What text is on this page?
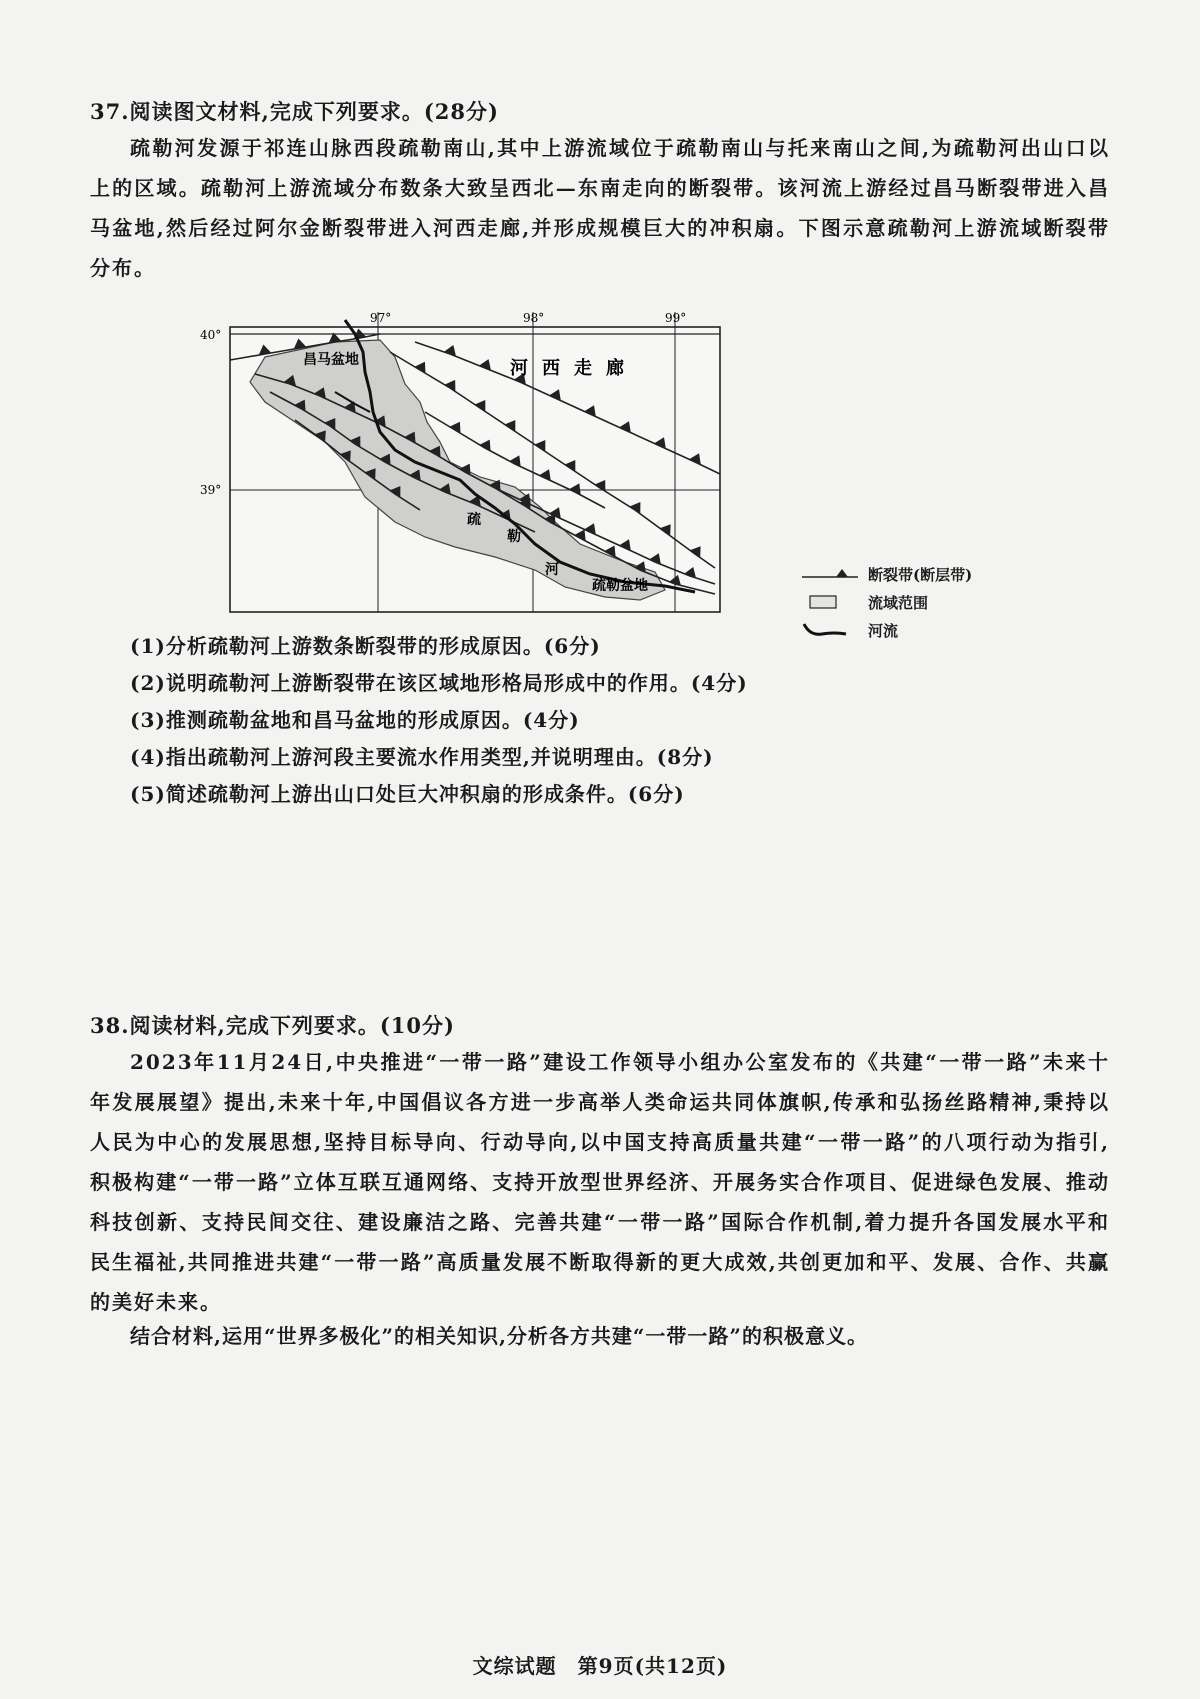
37.阅读图文材料,完成下列要求。(28分)

疏勒河发源于祁连山脉西段疏勒南山,其中上游流域位于疏勒南山与托来南山之间,为疏勒河出山口以上的区域。疏勒河上游流域分布数条大致呈西北—东南走向的断裂带。该河流上游经过昌马断裂带进入昌马盆地,然后经过阿尔金断裂带进入河西走廊,并形成规模巨大的冲积扇。下图示意疏勒河上游流域断裂带分布。

97°	98°	99°
40°
39°
昌马盆地	河西走廊
疏
勒
河
疏勒盆地
断裂带(断层带)
流域范围
河流
(1)分析疏勒河上游数条断裂带的形成原因。(6分)
(2)说明疏勒河上游断裂带在该区域地形格局形成中的作用。(4分)
(3)推测疏勒盆地和昌马盆地的形成原因。(4分)
(4)指出疏勒河上游河段主要流水作用类型,并说明理由。(8分)
(5)简述疏勒河上游出山口处巨大冲积扇的形成条件。(6分)
38.阅读材料,完成下列要求。(10分)

2023年11月24日,中央推进“一带一路”建设工作领导小组办公室发布的《共建“一带一路”未来十年发展展望》提出,未来十年,中国倡议各方进一步高举人类命运共同体旗帜,传承和弘扬丝路精神,秉持以人民为中心的发展思想,坚持目标导向、行动导向,以中国支持高质量共建“一带一路”的八项行动为指引,积极构建“一带一路”立体互联互通网络、支持开放型世界经济、开展务实合作项目、促进绿色发展、推动科技创新、支持民间交往、建设廉洁之路、完善共建“一带一路”国际合作机制,着力提升各国发展水平和民生福祉,共同推进共建“一带一路”高质量发展不断取得新的更大成效,共创更加和平、发展、合作、共赢的美好未来。

结合材料,运用“世界多极化”的相关知识,分析各方共建“一带一路”的积极意义。
文综试题　第9页(共12页)
